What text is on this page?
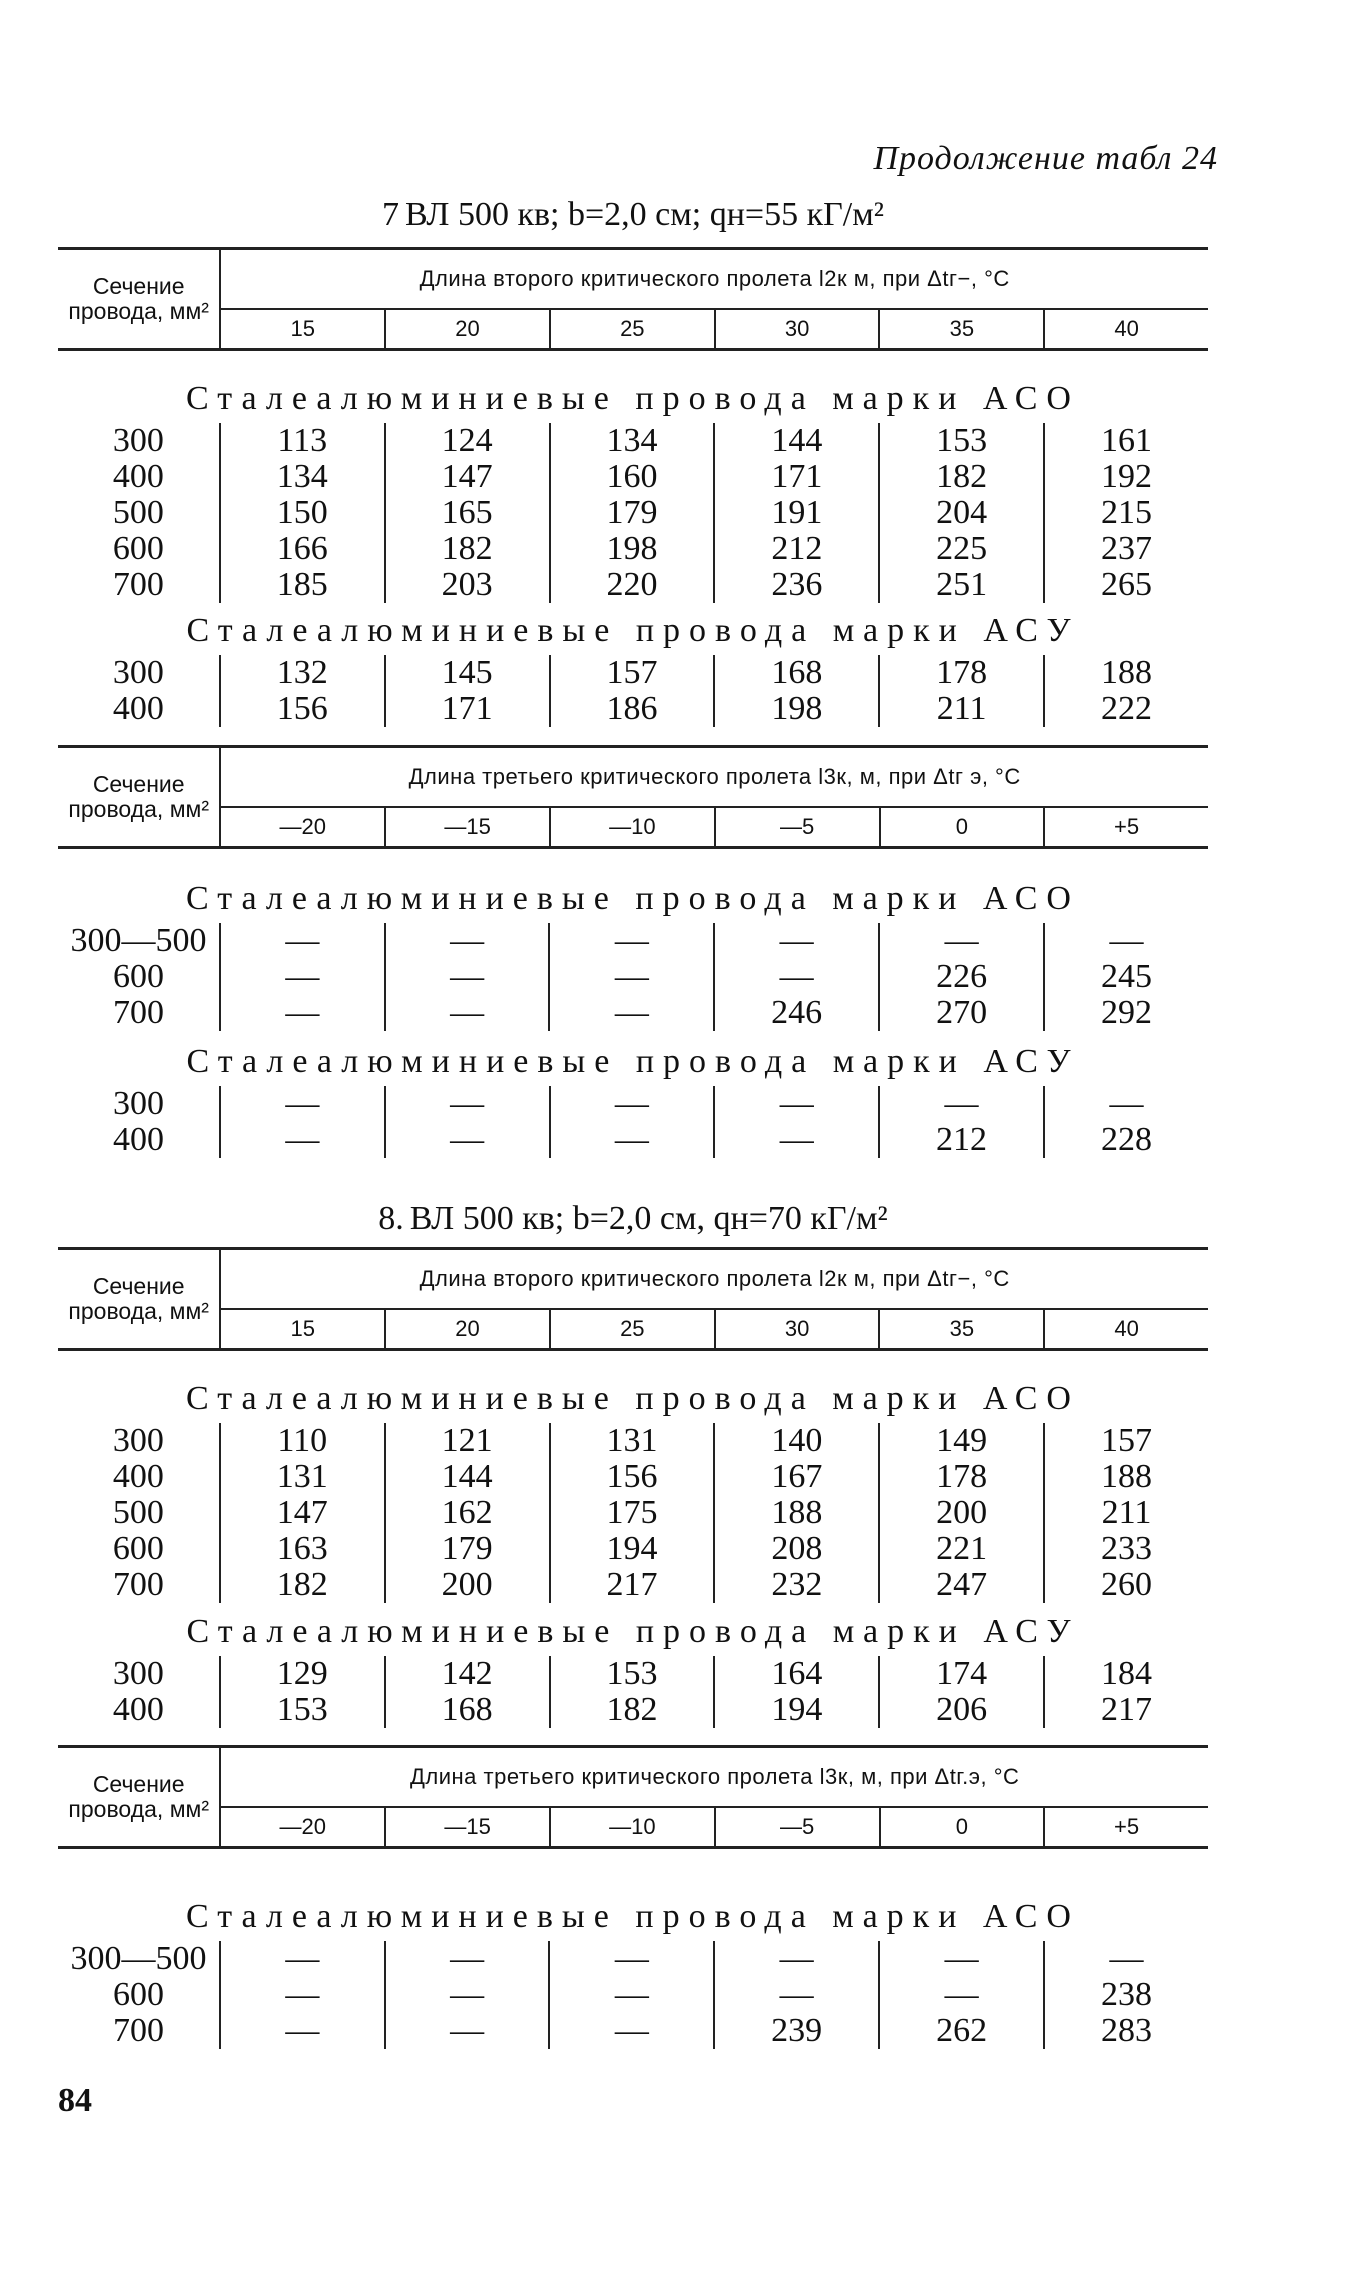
Продолжение табл 24
84
7 ВЛ 500 кв; b=2,0 см; qн=55 кГ/м²
Сечение провода, мм²	Длина второго критического пролета l2к м, при Δtг−, °С					
	15	20	25	30	35	40
Сталеалюминиевые провода марки АСО
300	113	124	134	144	153	161
400	134	147	160	171	182	192
500	150	165	179	191	204	215
600	166	182	198	212	225	237
700	185	203	220	236	251	265
Сталеалюминиевые провода марки АСУ
300	132	145	157	168	178	188
400	156	171	186	198	211	222
Сечение провода, мм²	Длина третьего критического пролета l3к, м, при Δtг э, °С					
	—20	—15	—10	—5	0	+5
Сталеалюминиевые провода марки АСО
300—500	—	—	—	—	—	—
600	—	—	—	—	226	245
700	—	—	—	246	270	292
Сталеалюминиевые провода марки АСУ
300	—	—	—	—	—	—
400	—	—	—	—	212	228
8. ВЛ 500 кв; b=2,0 см, qн=70 кГ/м²
Сечение провода, мм²	Длина второго критического пролета l2к м, при Δtг−, °С					
	15	20	25	30	35	40
Сталеалюминиевые провода марки АСО
300	110	121	131	140	149	157
400	131	144	156	167	178	188
500	147	162	175	188	200	211
600	163	179	194	208	221	233
700	182	200	217	232	247	260
Сталеалюминиевые провода марки АСУ
300	129	142	153	164	174	184
400	153	168	182	194	206	217
Сечение провода, мм²	Длина третьего критического пролета l3к, м, при Δtг.э, °С					
	—20	—15	—10	—5	0	+5
Сталеалюминиевые провода марки АСО
300—500	—	—	—	—	—	—
600	—	—	—	—	—	238
700	—	—	—	239	262	283
